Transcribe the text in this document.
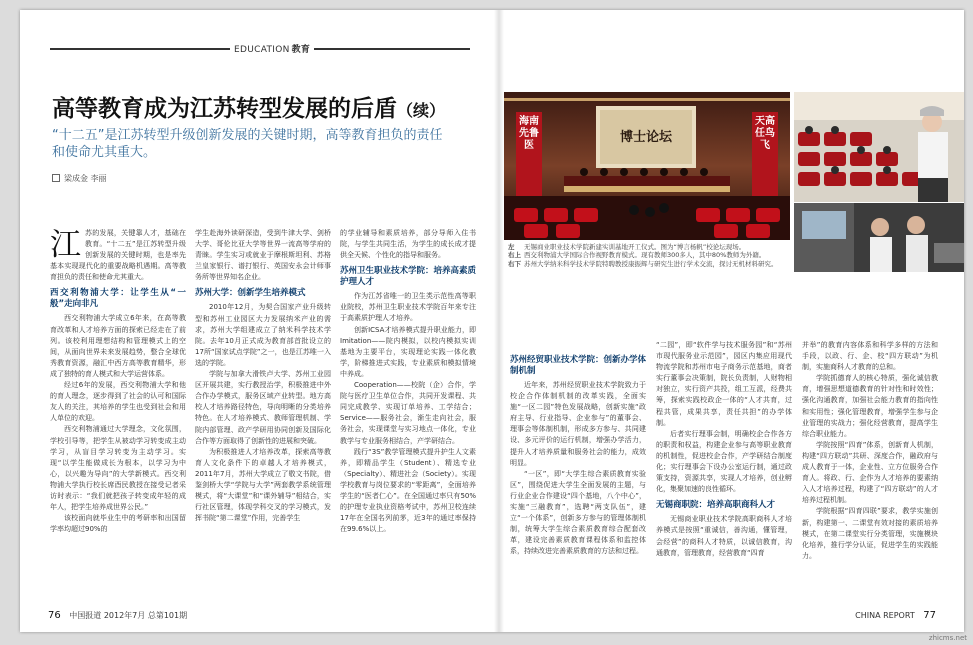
EDUCATION 教育
高等教育成为江苏转型发展的后盾（续）
“十二五”是江苏转型升级创新发展的关键时期，高等教育担负的责任和使命尤其重大。
梁成金 李丽
江 苏的发展，关键靠人才，基础在教育。“十二五”是江苏转型升级创新发展的关键时期，也是率先基本实现现代化的重要战略机遇期。高等教育担负的责任和使命尤其重大。

西交利物浦大学：让学生从“一般”走向非凡

西交利物浦大学成立6年来，在高等教育改革和人才培养方面的探索已经走在了前列。该校利用理想结构和管理模式上的空间，从面向世界未来发展趋势，整合全球优秀教育资源，融汇中西方高等教育精华，形成了独特的育人模式和大学运营体系。

经过6年的发展，西交利物浦大学和他的育人理念，逐步得到了社会的认可和国际友人的关注，其培养的学生也受到社会和用人单位的欢迎。

西交利物浦通过大学理念，文化氛围，学校引导等，把学生从被动学习转变成主动学习，从盲目学习转变为主动学习。实现“以学生能做成长为根本，以学习为中心，以兴趣为导向”的大学新模式。西交利物浦大学执行校长席酉民教授在接受记者采访时表示：“我们就把孩子转变成年轻的成年人，把学生培养成世界公民。”

该校面向就毕业生中的考研率和出国留学率均超过90%的

学生赴海外读研深造，受到牛津大学、剑桥大学、哥伦比亚大学等世界一流高等学府的青睐。学生实习或就业于摩根斯坦利、苏格兰皇家银行、谱打银行、英国安永会计师事务所等世界知名企业。

苏州大学：创新学生培养模式

2010年12月，为契合国家产业升级转型和苏州工业园区大力发展纳米产业的需求，苏州大学组建成立了纳米科学技术学院。去年10月正式成为教育部首批设立的17所“国家试点学院”之一，也是江苏唯一入选的学院。

学院与加拿大滑铁卢大学、苏州工业园区开展共建，实行教授治学，积极推进中外合作办学模式，服务区域产业转型。地方高校人才培养路径特色，导向明晰的分类培养特色。在人才培养模式、教师管理机制、学院内部管理、政产学研用协同创新及国际化合作等方面取得了创新性的进展和突破。

为积极推进人才培养改革，探索高等教育人文化条件下的卓越人才培养模式，2011年7月，苏州大学成立了敬文书院，借鉴剑桥大学“学院与大学”两套教学系统管理模式，将“大课堂”和“课外辅导”相结合，实行社区管理，体现学科交叉的学习模式，发挥书院“第二课堂”作用，完善学生

的学业辅导和素质培养，部分导师入住书院，与学生共同生活，为学生的成长成才提供全天候、个性化的指导和服务。

苏州卫生职业技术学院：培养高素质护理人才

作为江苏省唯一的卫生类示范性高等职业院校，苏州卫生职业技术学院百年来专注于高素质护理人才培养。

创新ICSA才培养模式提升职业能力，即Imitation——院内模拟，以校内模拟实训基地为主要平台，实现理论实践一体化教学，阶梯推进式实践，专业素质和模拟情境中养成。

Cooperation——校院（企）合作，学院与医疗卫生单位合作，共同开发课程、共同完成教学、实现订单培养、工学结合；Service——服务社会，渐生走向社会，服务社会，实现课堂与实习地点一体化，专业教学与专业服务相结合，产学研结合。

践行“3S”教学管理模式提升护生人文素养，即精品学生（Student）、精选专业（Specialty）、精进社会（Society）。实现学校教育与岗位要求的“零距离”，全面培养学生的“医者仁心”。在全国通过率只有50%的护理专业执业资格考试中，苏州卫校连续17年在全国名列前茅，近3年的通过率保持在99.6%以上。

海南先鲁医
天高任鸟飞
博士论坛
左	无锡商业职业技术学院新建实训基地开工仪式。图为“博言杨帆”校论坛现场。
右上 西交利物浦大学国际合作视野教育模式。现有教师300多人，其中80%教师为外籍。
右下 苏州大学纳米科学技术学院特聘教授康振辉与研究生进行学术交流，探讨无机材料研究。
苏州经贸职业技术学院：创新办学体制机制

近年来，苏州经贸职业技术学院致力于校企合作体制机制的改革实践，全面实施“一区二园”特色发展战略，创新实施“政府主导、行业指导、企业参与”的董事会、理事会等体制机制，形成多方参与、共同建设、多元评价的运行机制，增强办学活力，提升人才培养质量和服务社会的能力，成效明显。

“一区”，即“大学生综合素质教育实验区”，围绕促进大学生全面发展的主题，与行业企业合作建设“四个基地，八个中心”，实施“三融教育”，选聘“两支队伍”，建立“一个体系”，创新多方参与的管理体制机制，统筹大学生综合素质教育综合配套改革，建设完善素质教育课程体系和监控体系，持续改进完善素质教育的方法和过程。

“二园”，即“软件学与技术服务园”和“苏州市现代服务业示范园”，园区内集应用现代物流学院和苏州市电子商务示范基地，商者实行董事会决策制，院长负责制，人财物相对独立，实行资产共投，组工互派，经费共筹，探索实践校政企一体的“人才共育，过程共管，成果共享，责任共担”的办学体制。

后者实行理事会制，明确校企合作各方的职责和权益，构建企业参与高等职业教育的机制性，促进校企合作，产学研结合制度化；实行理事会下设办公室运行制，通过政策支持，资源共享，实现人才培养，创业孵化，集聚加速的良性循环。

无锡商职院：培养高职商科人才

无锡商业职业技术学院高职商科人才培养模式是按照“重诚信，善沟通，懂管理，会经营”的商科人才特质，以诚信教育，沟通教育，管理教育，经营教育“四育

并举”的教育内容体系和科学多样的方法和手段，以政、行、企、校“四方联动”为机制，实施商科人才教育的总和。

学院抓德育人的核心特质，强化诚信教育，增强思想道德教育的针对性和时效性；强化沟通教育，加强社会能力教育的指向性和实用性；强化管理教育，增强学生参与企业管理的实战力；强化经营教育，提高学生综合职业能力。

学院按照“四育”体系，创新育人机制，构建“四方联动”共研、深度合作，融政府与成人教育于一体，企业性、立方位服务合作育人。将政、行、企作为人才培养的要素纳入人才培养过程，构建了“四方联动”的人才培养过程机制。

学院根据“四育四联”要求，教学实施创新，构建第一、二课堂有效对接的素质培养模式，在第二课堂实行分类管理，实施模块化培养，推行学分认证，促进学生的实践能力。

76 中国报道 2012年7月 总第101期	CHINA REPORT 77
zhicms.net
